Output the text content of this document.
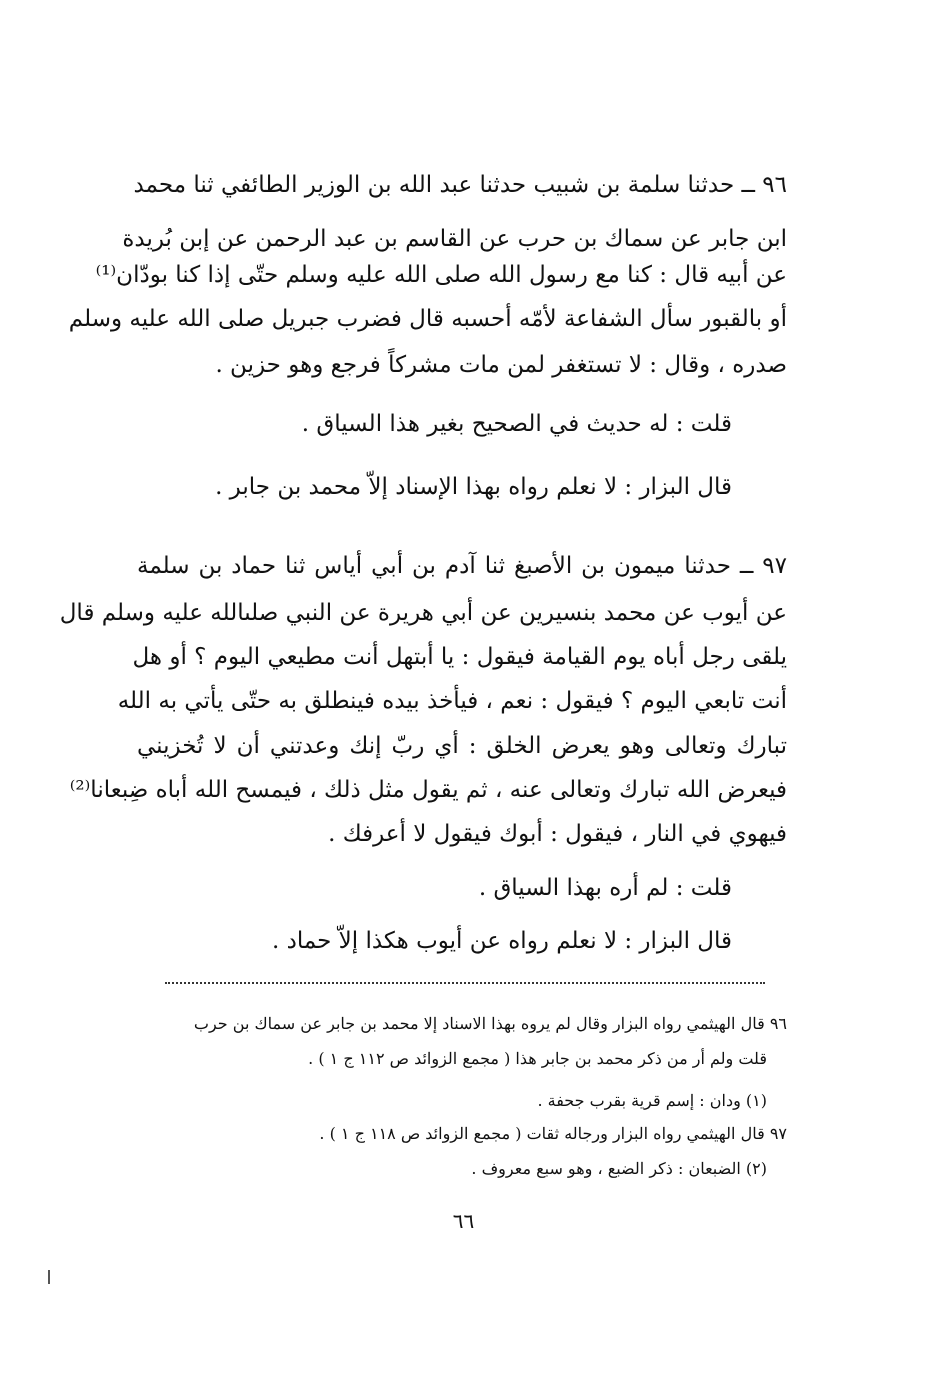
٩٦ ــ حدثنا سلمة بن شبيب حدثنا عبد الله بن الوزير الطائفي ثنا محمد
ابن جابر عن سماك بن حرب عن القاسم بن عبد الرحمن عن إبن بُريدة
عن أبيه قال : كنا مع رسول الله صلى الله عليه وسلم حتّى إذا كنا بودّان⁽¹⁾
أو بالقبور سأل الشفاعة لأمّه أحسبه قال فضرب جبريل صلى الله عليه وسلم
صدره ، وقال : لا تستغفر لمن مات مشركاً فرجع وهو حزين .
قلت : له حديث في الصحيح بغير هذا السياق .
قال البزار : لا نعلم رواه بهذا الإسناد إلاّ محمد بن جابر .
٩٧ ــ حدثنا ميمون بن الأصبغ ثنا آدم بن أبي أياس ثنا حماد بن سلمة
عن أيوب عن محمد بنسيرين عن أبي هريرة عن النبي صلىالله عليه وسلم قال
يلقى رجل أباه يوم القيامة فيقول : يا أبتهل أنت مطيعي اليوم ؟ أو هل
أنت تابعي اليوم ؟ فيقول : نعم ، فيأخذ بيده فينطلق به حتّى يأتي به الله
تبارك وتعالى وهو يعرض الخلق : أي ربّ إنك وعدتني أن لا تُخزيني
فيعرض الله تبارك وتعالى عنه ، ثم يقول مثل ذلك ، فيمسح الله أباه ضِبعانا⁽²⁾
فيهوي في النار ، فيقول : أبوك فيقول لا أعرفك .
قلت : لم أره بهذا السياق .
قال البزار : لا نعلم رواه عن أيوب هكذا إلاّ حماد .
٩٦ قال الهيثمي رواه البزار وقال لم يروه بهذا الاسناد إلا محمد بن جابر عن سماك بن حرب
قلت ولم أر من ذكر محمد بن جابر هذا ( مجمع الزوائد ص ١١٢ ج ١ ) .
(١) ودان : إسم قرية بقرب جحفة .
٩٧ قال الهيثمي رواه البزار ورجاله ثقات ( مجمع الزوائد ص ١١٨ ج ١ ) .
(٢) الضبعان : ذكر الضبع ، وهو سبع معروف .
٦٦
